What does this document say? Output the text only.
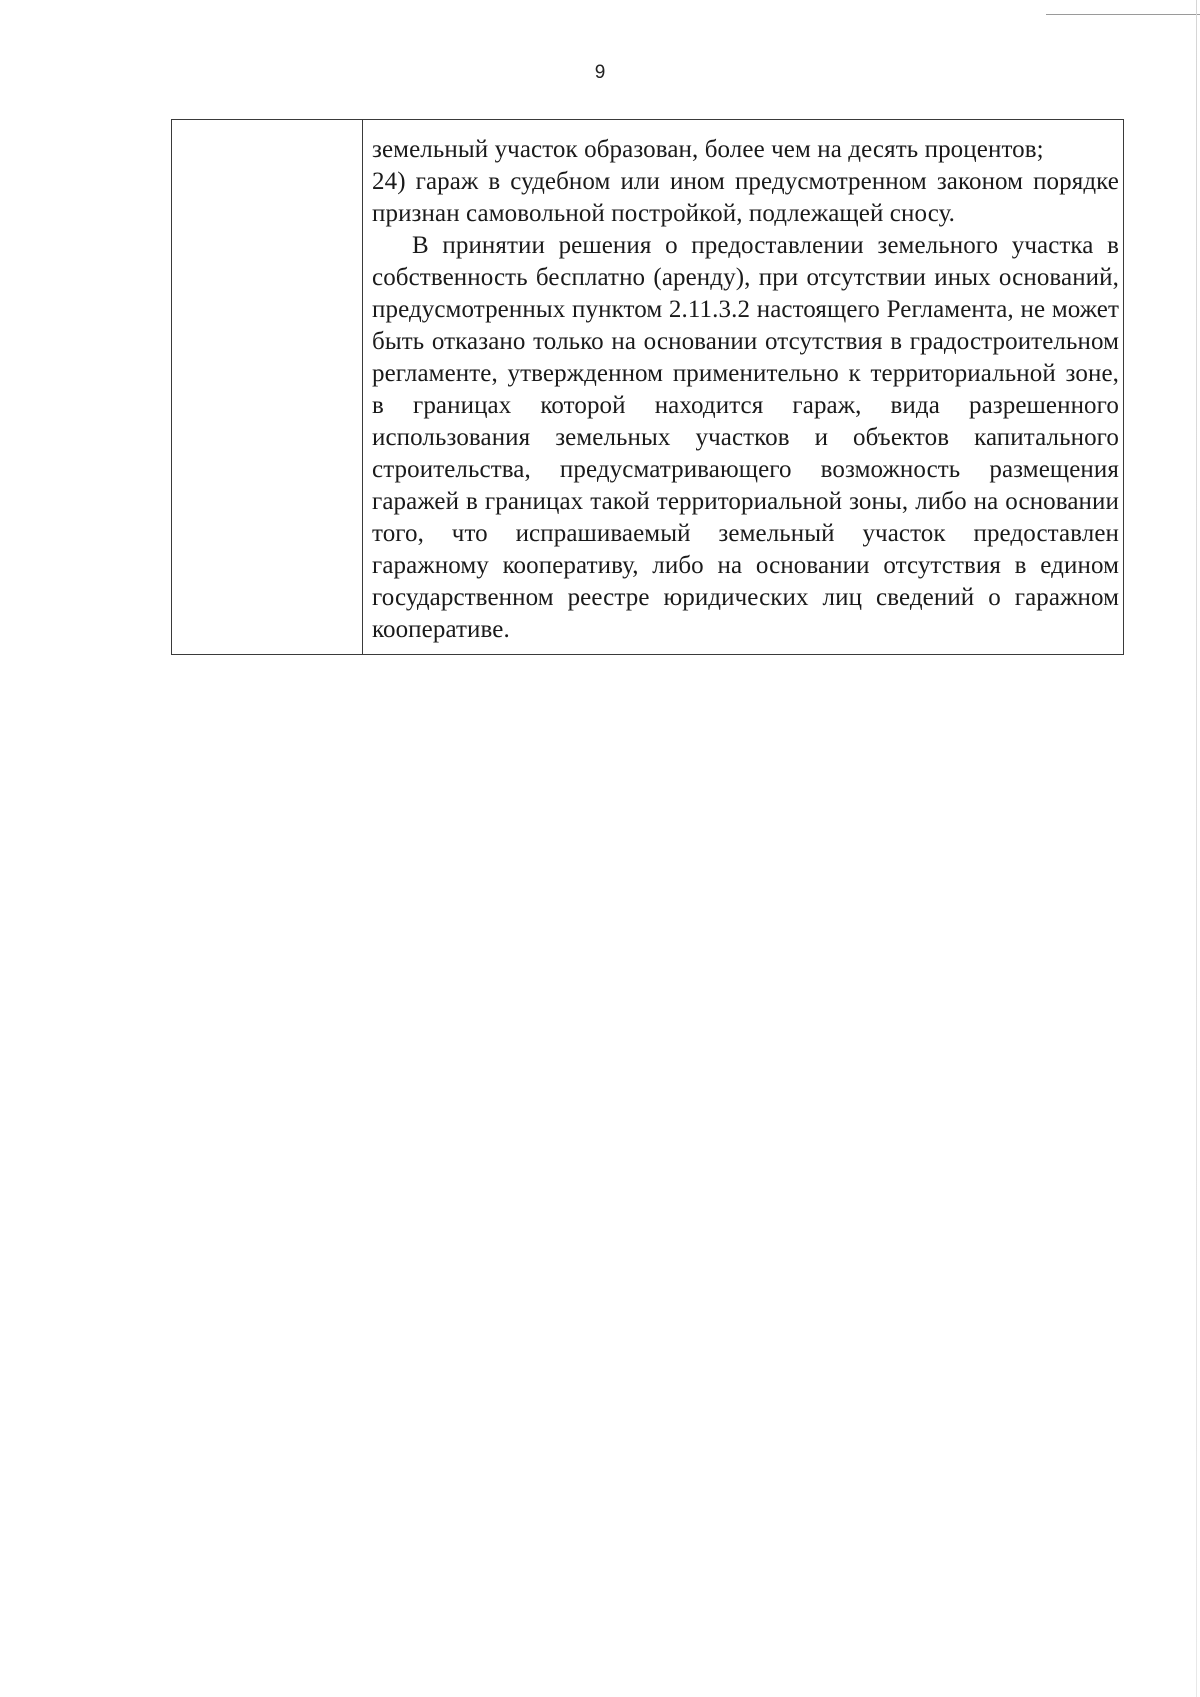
9

земельный участок образован, более чем на десять процентов;

24) гараж в судебном или ином предусмотренном законом порядке признан самовольной постройкой, подлежащей сносу.

В принятии решения о предоставлении земельного участка в собственность бесплатно (аренду), при отсутствии иных оснований, предусмотренных пунктом 2.11.3.2 настоящего Регламента, не может быть отказано только на основании отсутствия в градостроительном регламенте, утвержденном применительно к территориальной зоне, в границах которой находится гараж, вида разрешенного использования земельных участков и объектов капитального строительства, предусматривающего возможность размещения гаражей в границах такой территориальной зоны, либо на основании того, что испрашиваемый земельный участок предоставлен гаражному кооперативу, либо на основании отсутствия в едином государственном реестре юридических лиц сведений о гаражном кооперативе.
